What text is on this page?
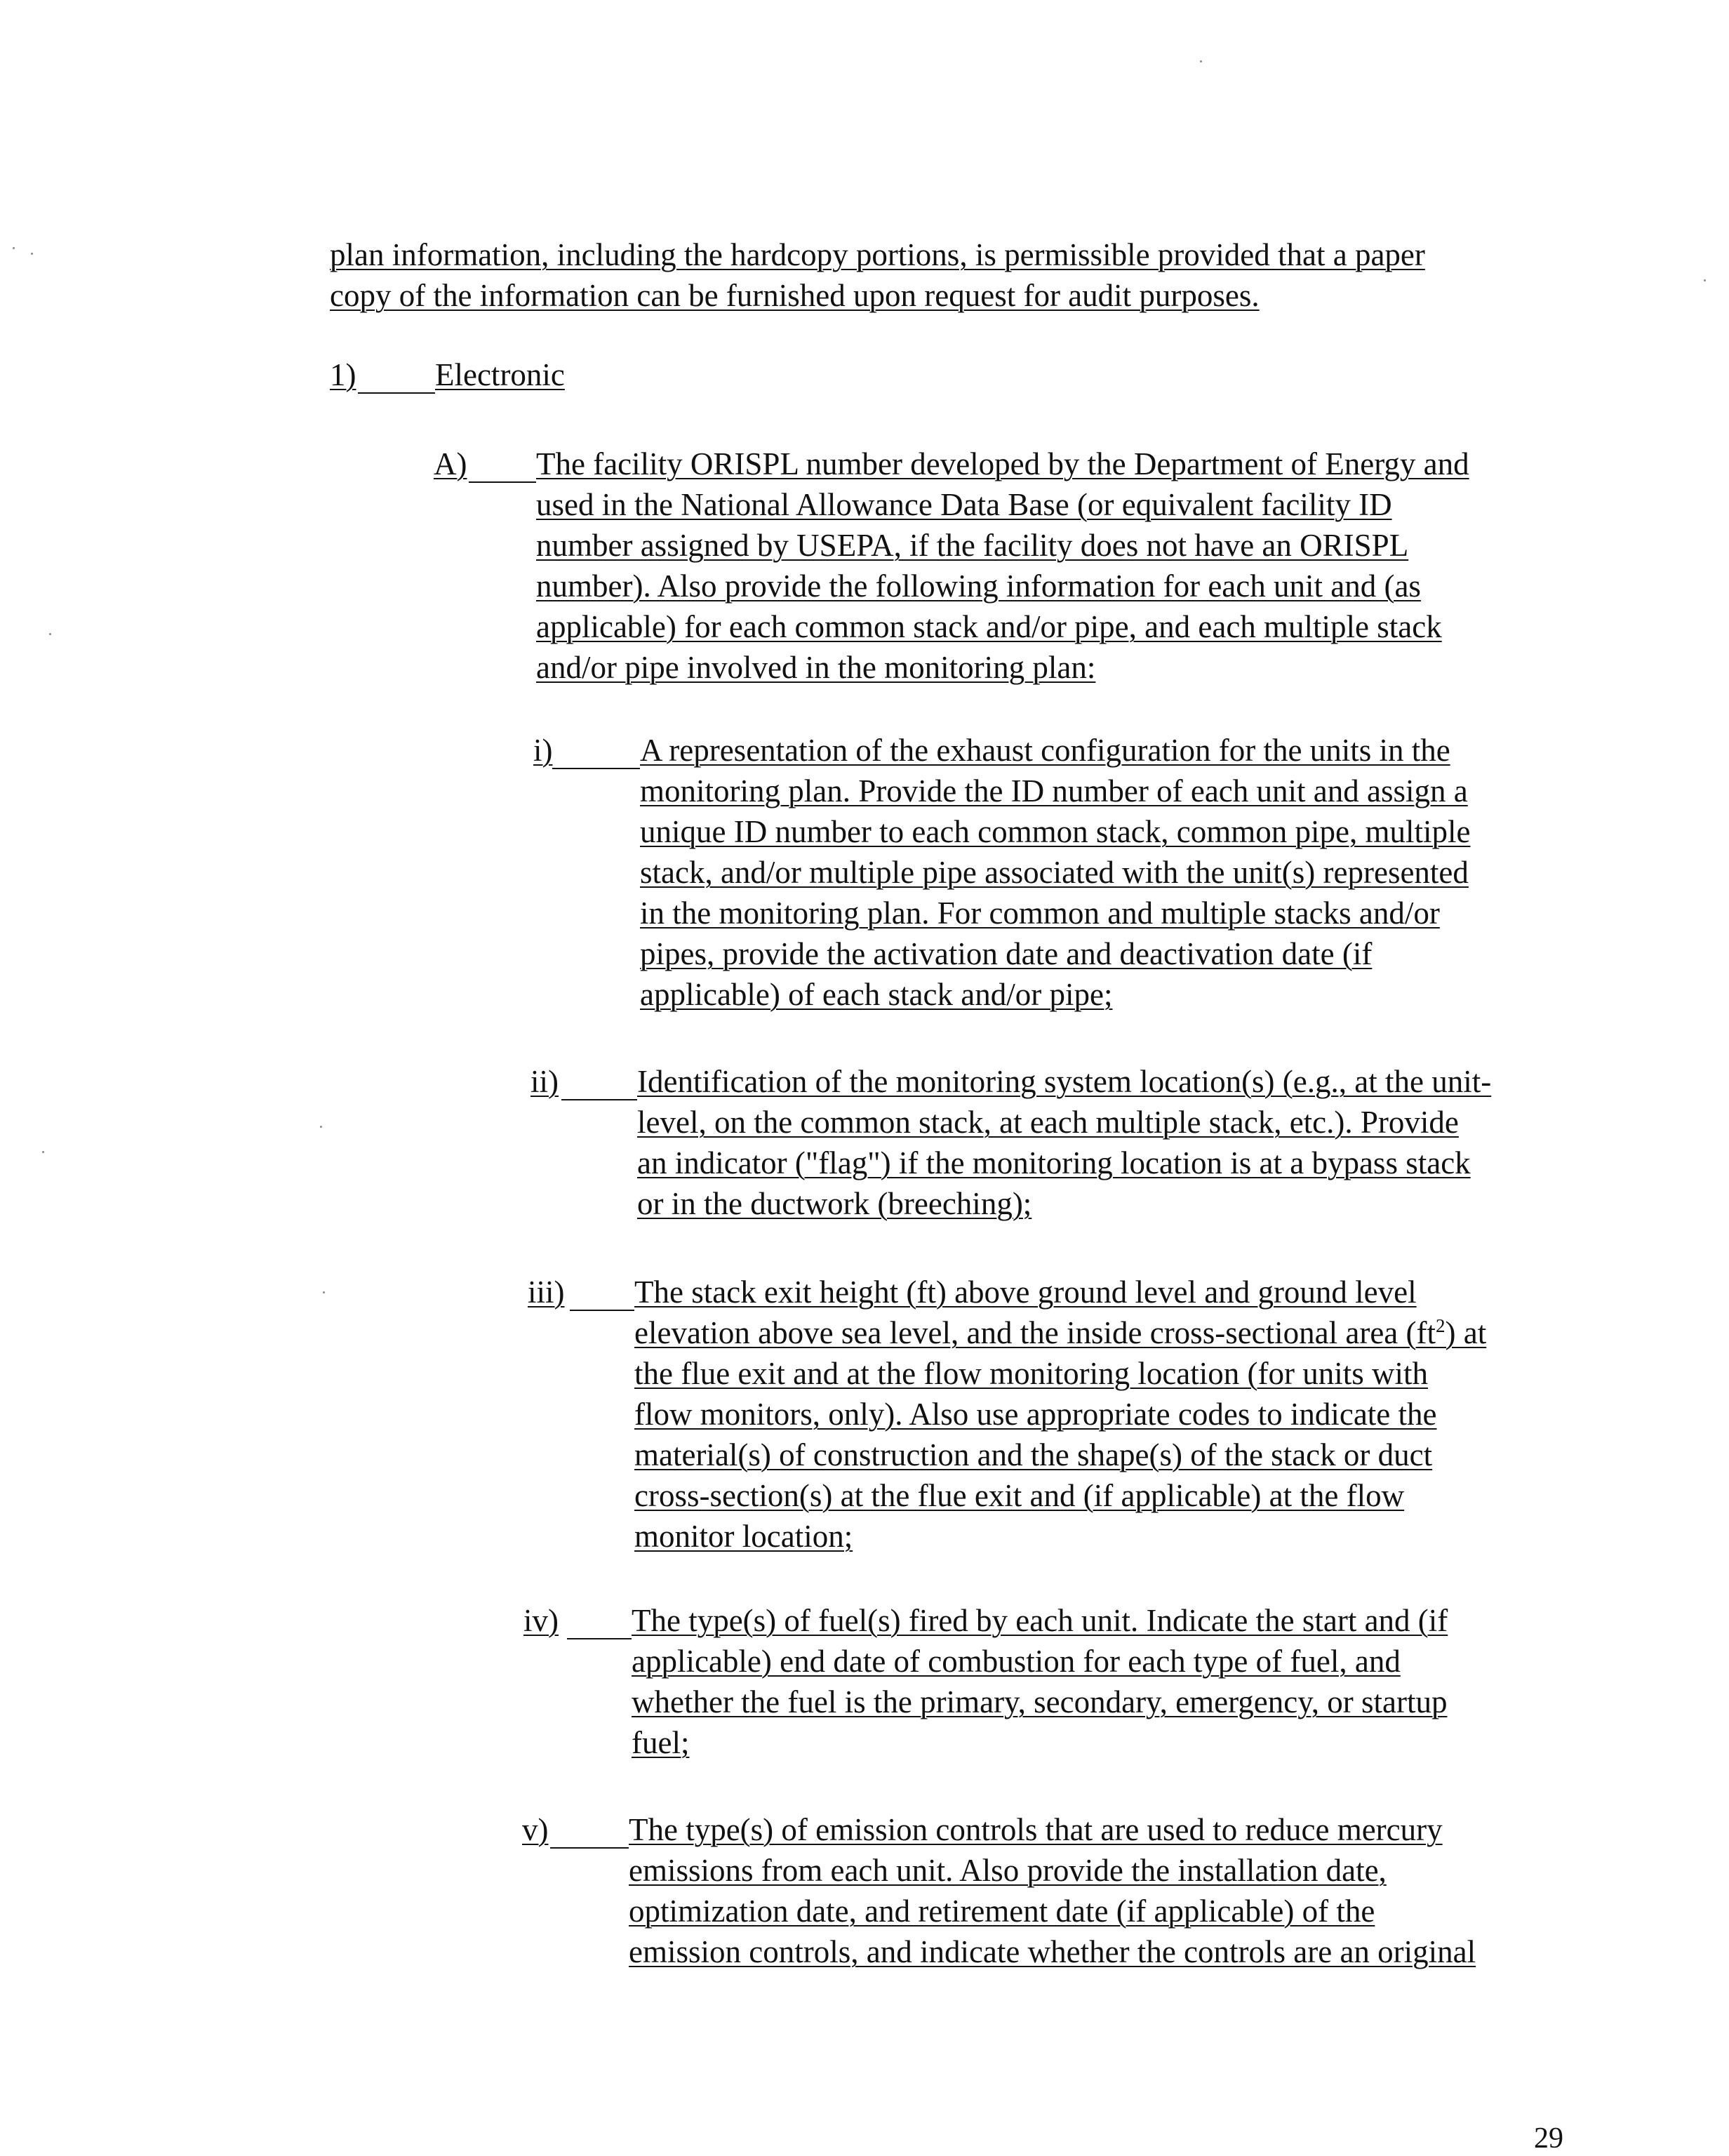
plan information, including the hardcopy portions, is permissible provided that a paper
copy of the information can be furnished upon request for audit purposes.
1)	Electronic
A) The facility ORISPL number developed by the Department of Energy and
used in the National Allowance Data Base (or equivalent facility ID
number assigned by USEPA, if the facility does not have an ORISPL
number). Also provide the following information for each unit and (as
applicable) for each common stack and/or pipe, and each multiple stack
and/or pipe involved in the monitoring plan:
i)	A representation of the exhaust configuration for the units in the
monitoring plan. Provide the ID number of each unit and assign a
unique ID number to each common stack, common pipe, multiple
stack, and/or multiple pipe associated with the unit(s) represented
in the monitoring plan. For common and multiple stacks and/or
pipes, provide the activation date and deactivation date (if
applicable) of each stack and/or pipe;
ii) Identification of the monitoring system location(s) (e.g., at the unit-
level, on the common stack, at each multiple stack, etc.). Provide
an indicator ("flag") if the monitoring location is at a bypass stack
or in the ductwork (breeching);
iii) The stack exit height (ft) above ground level and ground level
elevation above sea level, and the inside cross-sectional area $(ft^2)$ at
the flue exit and at the flow monitoring location (for units with
flow monitors, only). Also use appropriate codes to indicate the
material(s) of construction and the shape(s) of the stack or duct
cross-section(s) at the flue exit and (if applicable) at the flow
monitor location;
iv) The type(s) of fuel(s) fired by each unit. Indicate the start and (if
applicable) end date of combustion for each type of fuel, and
whether the fuel is the primary, secondary, emergency, or startup
fuel;
v)	The type(s) of emission controls that are used to reduce mercury
emissions from each unit. Also provide the installation date,
optimization date, and retirement date (if applicable) of the
emission controls, and indicate whether the controls are an original
29
